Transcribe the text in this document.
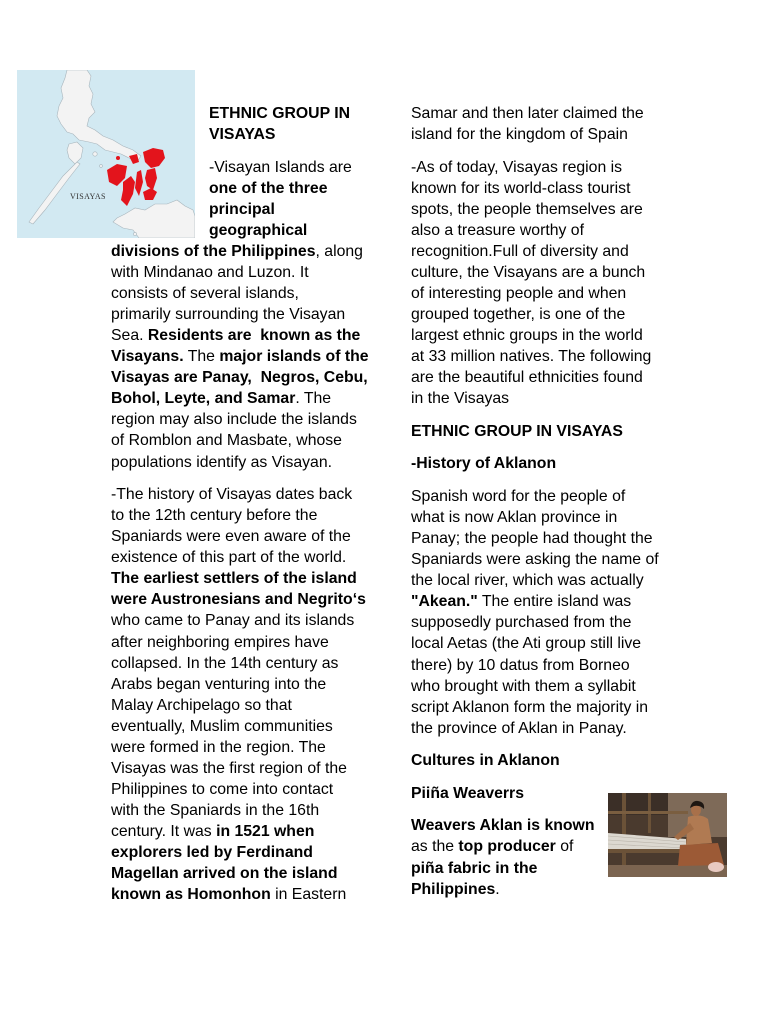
VISAYAS
ETHNIC GROUP IN
VISAYAS
-Visayan Islands are
one of the three
principal
geographical
divisions of the Philippines, along
with Mindanao and Luzon. It
consists of several islands,
primarily surrounding the Visayan
Sea. Residents are  known as the
Visayans. The major islands of the
Visayas are Panay,  Negros, Cebu,
Bohol, Leyte, and Samar. The
region may also include the islands
of Romblon and Masbate, whose
populations identify as Visayan.
-The history of Visayas dates back
to the 12th century before the
Spaniards were even aware of the
existence of this part of the world.
The earliest settlers of the island
were Austronesians and Negrito‘s
who came to Panay and its islands
after neighboring empires have
collapsed. In the 14th century as
Arabs began venturing into the
Malay Archipelago so that
eventually, Muslim communities
were formed in the region. The
Visayas was the first region of the
Philippines to come into contact
with the Spaniards in the 16th
century. It was in 1521 when
explorers led by Ferdinand
Magellan arrived on the island
known as Homonhon in Eastern
Samar and then later claimed the
island for the kingdom of Spain
-As of today, Visayas region is
known for its world-class tourist
spots, the people themselves are
also a treasure worthy of
recognition.Full of diversity and
culture, the Visayans are a bunch
of interesting people and when
grouped together, is one of the
largest ethnic groups in the world
at 33 million natives. The following
are the beautiful ethnicities found
in the Visayas
ETHNIC GROUP IN VISAYAS
-History of Aklanon
Spanish word for the people of
what is now Aklan province in
Panay; the people had thought the
Spaniards were asking the name of
the local river, which was actually
"Akean." The entire island was
supposedly purchased from the
local Aetas (the Ati group still live
there) by 10 datus from Borneo
who brought with them a syllabit
script Aklanon form the majority in
the province of Aklan in Panay.
Cultures in Aklanon
Piiña Weaverrs
Weavers Aklan is known
as the top producer of
piña fabric in the
Philippines.
